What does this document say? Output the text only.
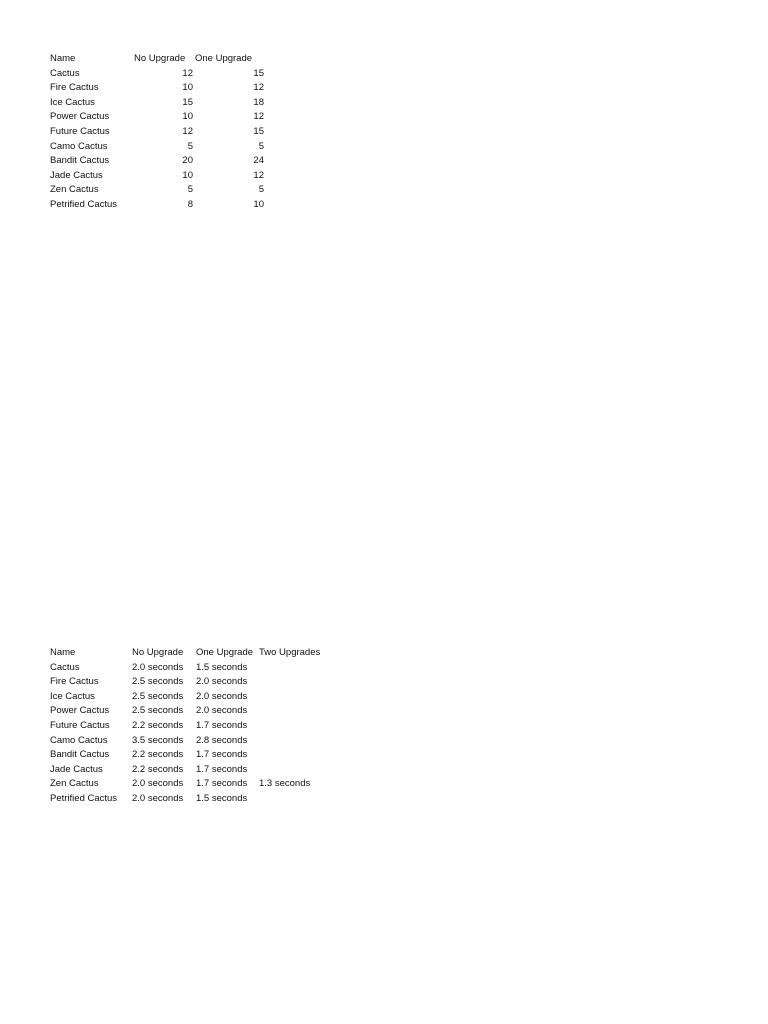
Name	No Upgrade	One Upgrade
Cactus	12	15
Fire Cactus	10	12
Ice Cactus	15	18
Power Cactus	10	12
Future Cactus	12	15
Camo Cactus	5	5
Bandit Cactus	20	24
Jade Cactus	10	12
Zen Cactus	5	5
Petrified Cactus	8	10
Name	No Upgrade	One Upgrade	Two Upgrades
Cactus	2.0 seconds	1.5 seconds	
Fire Cactus	2.5 seconds	2.0 seconds	
Ice Cactus	2.5 seconds	2.0 seconds	
Power Cactus	2.5 seconds	2.0 seconds	
Future Cactus	2.2 seconds	1.7 seconds	
Camo Cactus	3.5 seconds	2.8 seconds	
Bandit Cactus	2.2 seconds	1.7 seconds	
Jade Cactus	2.2 seconds	1.7 seconds	
Zen Cactus	2.0 seconds	1.7 seconds	1.3 seconds
Petrified Cactus	2.0 seconds	1.5 seconds	
